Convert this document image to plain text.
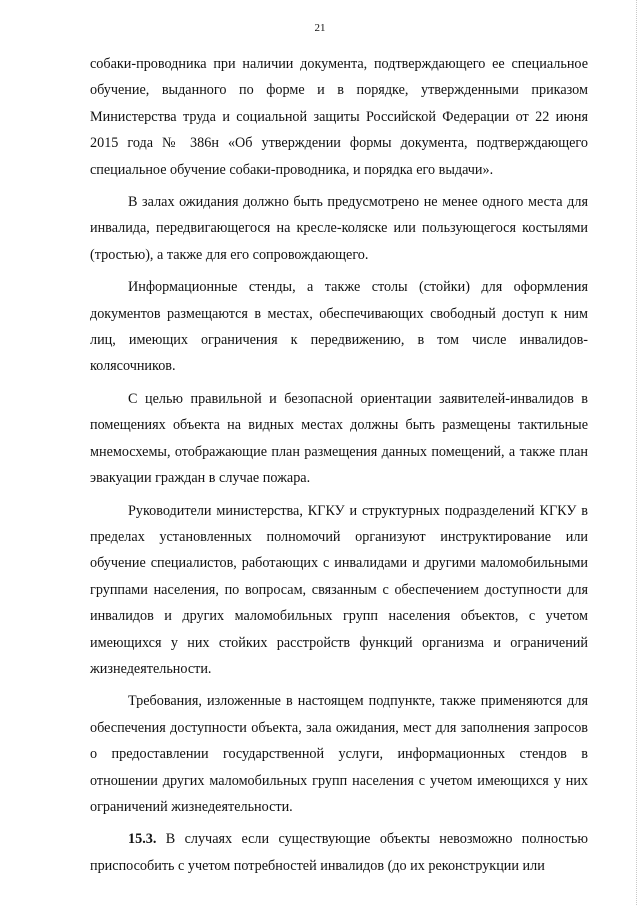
21

собаки-проводника при наличии документа, подтверждающего ее специальное обучение, выданного по форме и в порядке, утвержденными приказом Министерства труда и социальной защиты Российской Федерации от 22 июня 2015 года № 386н «Об утверждении формы документа, подтверждающего специальное обучение собаки-проводника, и порядка его выдачи».

В залах ожидания должно быть предусмотрено не менее одного места для инвалида, передвигающегося на кресле-коляске или пользующегося костылями (тростью), а также для его сопровождающего.

Информационные стенды, а также столы (стойки) для оформления документов размещаются в местах, обеспечивающих свободный доступ к ним лиц, имеющих ограничения к передвижению, в том числе инвалидов-колясочников.

С целью правильной и безопасной ориентации заявителей-инвалидов в помещениях объекта на видных местах должны быть размещены тактильные мнемосхемы, отображающие план размещения данных помещений, а также план эвакуации граждан в случае пожара.

Руководители министерства, КГКУ и структурных подразделений КГКУ в пределах установленных полномочий организуют инструктирование или обучение специалистов, работающих с инвалидами и другими маломобильными группами населения, по вопросам, связанным с обеспечением доступности для инвалидов и других маломобильных групп населения объектов, с учетом имеющихся у них стойких расстройств функций организма и ограничений жизнедеятельности.

Требования, изложенные в настоящем подпункте, также применяются для обеспечения доступности объекта, зала ожидания, мест для заполнения запросов о предоставлении государственной услуги, информационных стендов в отношении других маломобильных групп населения с учетом имеющихся у них ограничений жизнедеятельности.

15.3. В случаях если существующие объекты невозможно полностью приспособить с учетом потребностей инвалидов (до их реконструкции или
